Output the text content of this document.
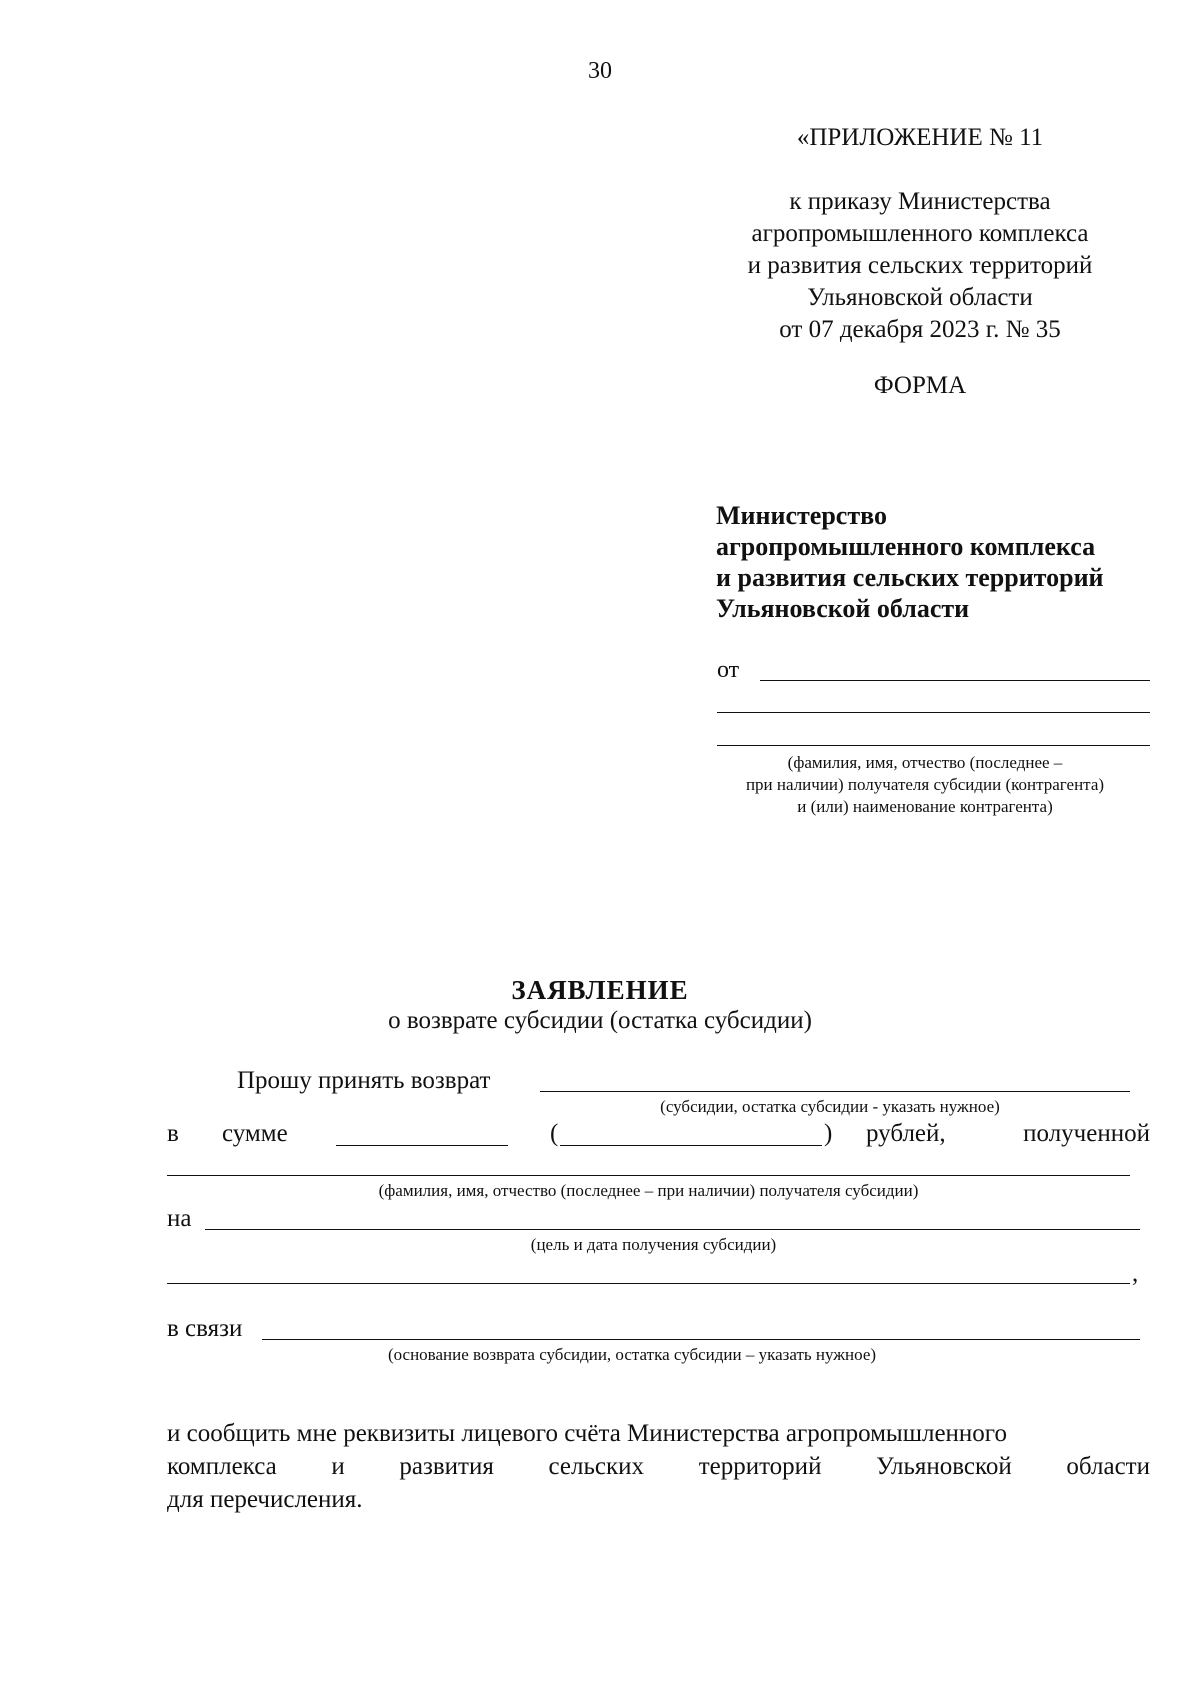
30
«ПРИЛОЖЕНИЕ № 11
к приказу Министерства
агропромышленного комплекса
и развития сельских территорий
Ульяновской области
от 07 декабря 2023 г. № 35
ФОРМА
Министерство
агропромышленного комплекса
и развития сельских территорий
Ульяновской области
от
(фамилия, имя, отчество (последнее –
при наличии) получателя субсидии (контрагента)
и (или) наименование контрагента)
ЗАЯВЛЕНИЕ
о возврате субсидии (остатка субсидии)
Прошу принять возврат
(субсидии, остатка субсидии - указать нужное)
в сумме	(	) рублей,	полученной
(фамилия, имя, отчество (последнее – при наличии) получателя субсидии)
на
(цель и дата получения субсидии)
,
в связи
(основание возврата субсидии, остатка субсидии – указать нужное)
и сообщить мне реквизиты лицевого счёта Министерства агропромышленного
комплекса и развития сельских территорий Ульяновской области
для перечисления.
